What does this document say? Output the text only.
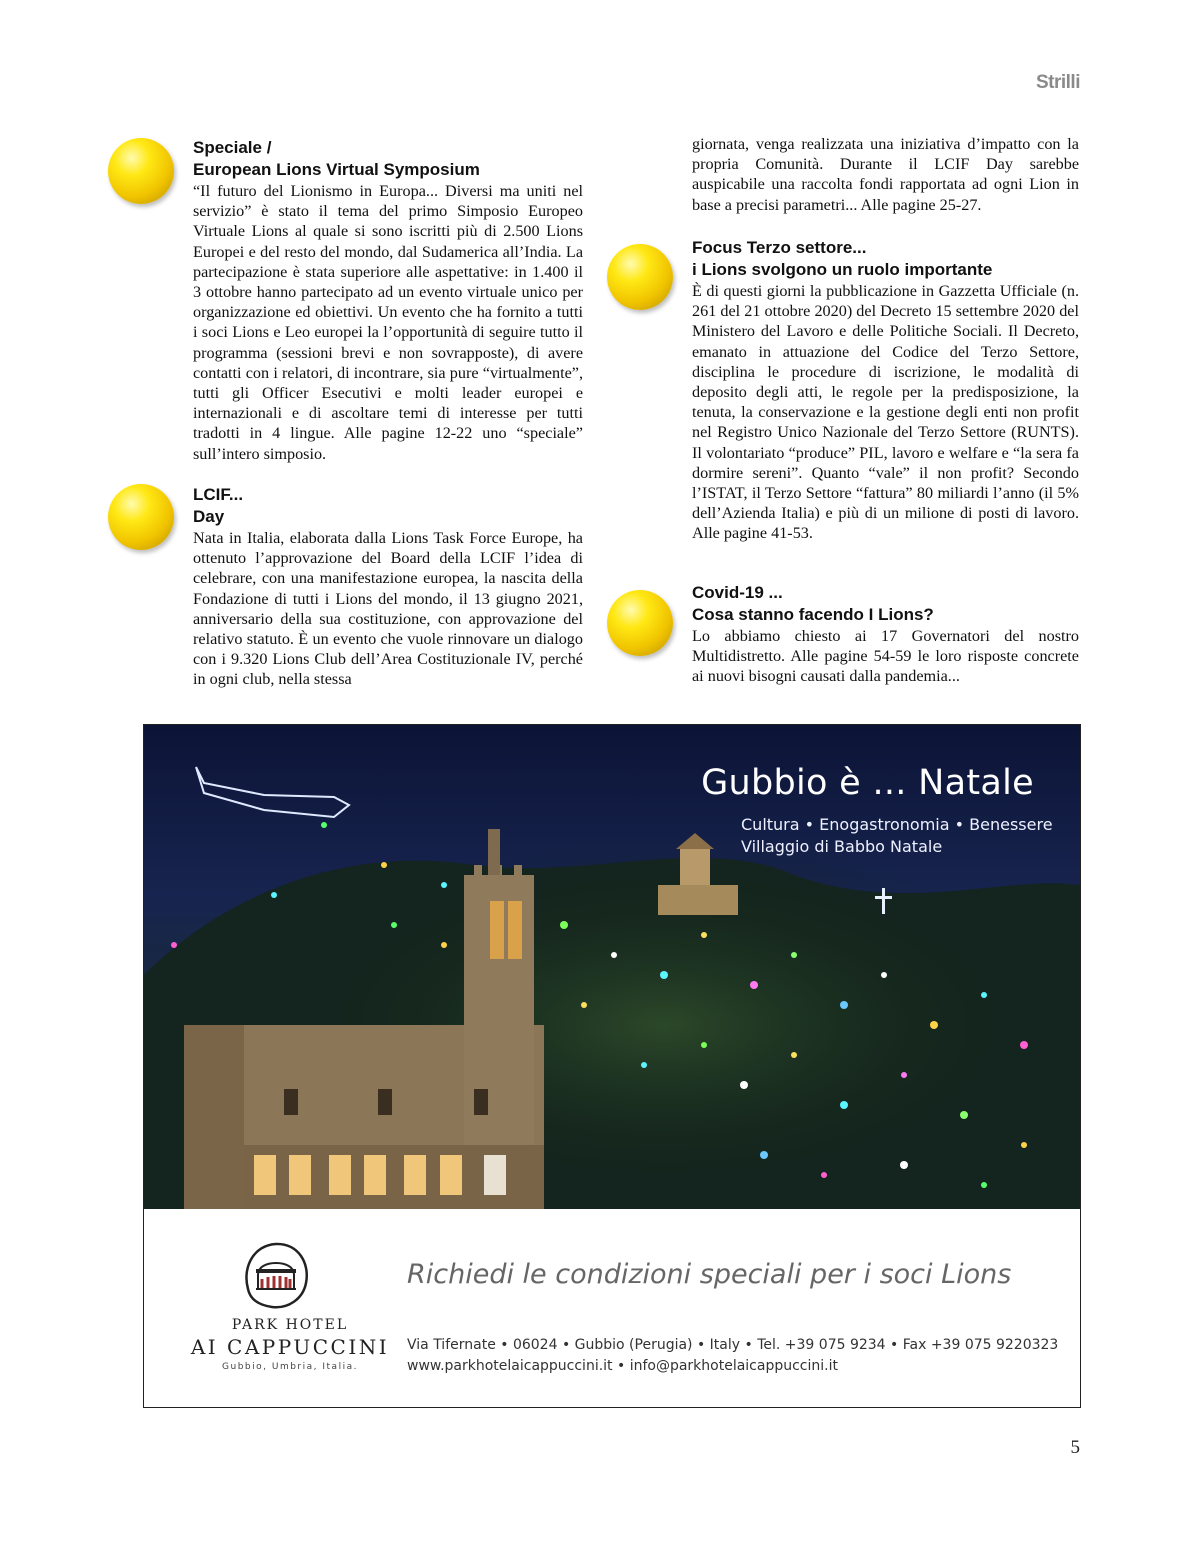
Strilli
Speciale /
European Lions Virtual Symposium

“Il futuro del Lionismo in Europa... Diversi ma uniti nel servizio” è stato il tema del primo Simposio Europeo Virtuale Lions al quale si sono iscritti più di 2.500 Lions Europei e del resto del mondo, dal Sudamerica all’India. La partecipazione è stata superiore alle aspettative: in 1.400 il 3 ottobre hanno partecipato ad un evento virtuale unico per organizzazione ed obiettivi. Un evento che ha fornito a tutti i soci Lions e Leo europei la l’opportunità di seguire tutto il programma (sessioni brevi e non sovrapposte), di avere contatti con i relatori, di incontrare, sia pure “virtualmente”, tutti gli Officer Esecutivi e molti leader europei e internazionali e di ascoltare temi di interesse per tutti tradotti in 4 lingue. Alle pagine 12-22 uno “speciale” sull’intero simposio.

LCIF...
Day

Nata in Italia, elaborata dalla Lions Task Force Europe, ha ottenuto l’approvazione del Board della LCIF l’idea di celebrare, con una manifestazione europea, la nascita della Fondazione di tutti i Lions del mondo, il 13 giugno 2021, anniversario della sua costituzione, con approvazione del relativo statuto. È un evento che vuole rinnovare un dialogo con i 9.320 Lions Club dell’Area Costituzionale IV, perché in ogni club, nella stessa

giornata, venga realizzata una iniziativa d’impatto con la propria Comunità. Durante il LCIF Day sarebbe auspicabile una raccolta fondi rapportata ad ogni Lion in base a precisi parametri... Alle pagine 25-27.

Focus Terzo settore...
i Lions svolgono un ruolo importante

È di questi giorni la pubblicazione in Gazzetta Ufficiale (n. 261 del 21 ottobre 2020) del Decreto 15 settembre 2020 del Ministero del Lavoro e delle Politiche Sociali. Il Decreto, emanato in attuazione del Codice del Terzo Settore, disciplina le procedure di iscrizione, le modalità di deposito degli atti, le regole per la predisposizione, la tenuta, la conservazione e la gestione degli enti non profit nel Registro Unico Nazionale del Terzo Settore (RUNTS). Il volontariato “produce” PIL, lavoro e welfare e “la sera fa dormire sereni”. Quanto “vale” il non profit? Secondo l’ISTAT, il Terzo Settore “fattura” 80 miliardi l’anno (il 5% dell’Azienda Italia) e più di un milione di posti di lavoro. Alle pagine 41-53.

Covid-19 ...
Cosa stanno facendo I Lions?

Lo abbiamo chiesto ai 17 Governatori del nostro Multidistretto. Alle pagine 54-59 le loro risposte concrete ai nuovi bisogni causati dalla pandemia...

Gubbio è ... Natale
Cultura • Enogastronomia • Benessere
Villaggio di Babbo Natale
PARK HOTEL
AI CAPPUCCINI
Gubbio, Umbria, Italia.
Richiedi le condizioni speciali per i soci Lions
Via Tifernate • 06024 • Gubbio (Perugia) • Italy • Tel. +39 075 9234 • Fax +39 075 9220323
www.parkhotelaicappuccini.it • info@parkhotelaicappuccini.it
5
